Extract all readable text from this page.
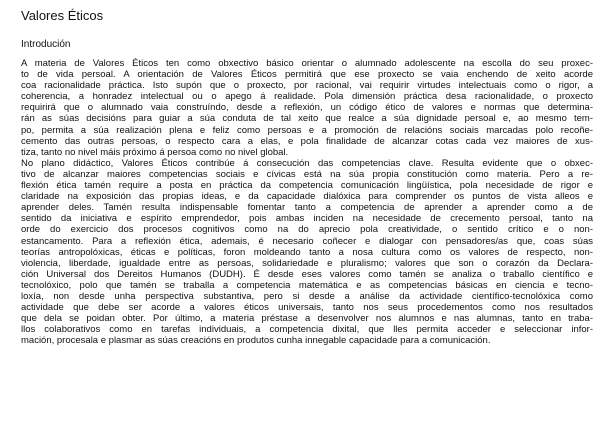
Valores Éticos
Introdución
A materia de Valores Éticos ten como obxectivo básico orientar o alumnado adolescente na escolla do seu proxec-
to de vida persoal. A orientación de Valores Éticos permitirá que ese proxecto se vaia enchendo de xeito acorde
coa racionalidade práctica. Isto supón que o proxecto, por racional, vai requirir virtudes intelectuais como o rigor, a
coherencia, a honradez intelectual ou o apego á realidade. Pola dimensión práctica desa racionalidade, o proxecto
requirirá que o alumnado vaia construíndo, desde a reflexión, un código ético de valores e normas que determina-
rán as súas decisións para guiar a súa conduta de tal xeito que realce a súa dignidade persoal e, ao mesmo tem-
po, permita a súa realización plena e feliz como persoas e a promoción de relacións sociais marcadas polo recoñe-
cemento das outras persoas, o respecto cara a elas, e pola finalidade de alcanzar cotas cada vez maiores de xus-
tiza, tanto no nivel máis próximo á persoa como no nivel global.
No plano didáctico, Valores Éticos contribúe á consecución das competencias clave. Resulta evidente que o obxec-
tivo de alcanzar maiores competencias sociais e cívicas está na súa propia constitución como materia. Pero a re-
flexión ética tamén require a posta en práctica da competencia comunicación lingüística, pola necesidade de rigor e
claridade na exposición das propias ideas, e da capacidade dialóxica para comprender os puntos de vista alleos e
aprender deles. Tamén resulta indispensable fomentar tanto a competencia de aprender a aprender como a de
sentido da iniciativa e espírito emprendedor, pois ambas inciden na necesidade de crecemento persoal, tanto na
orde do exercicio dos procesos cognitivos como na do aprecio pola creatividade, o sentido crítico e o non-
estancamento. Para a reflexión ética, ademais, é necesario coñecer e dialogar con pensadores/as que, coas súas
teorías antropolóxicas, éticas e políticas, foron moldeando tanto a nosa cultura como os valores de respecto, non-
violencia, liberdade, igualdade entre as persoas, solidariedade e pluralismo; valores que son o corazón da Declara-
ción Universal dos Dereitos Humanos (DUDH). É desde eses valores como tamén se analiza o traballo científico e
tecnolóxico, polo que tamén se traballa a competencia matemática e as competencias básicas en ciencia e tecno-
loxía, non desde unha perspectiva substantiva, pero si desde a análise da actividade científico-tecnolóxica como
actividade que debe ser acorde a valores éticos universais, tanto nos seus procedementos como nos resultados
que dela se poidan obter. Por último, a materia préstase a desenvolver nos alumnos e nas alumnas, tanto en traba-
llos colaborativos como en tarefas individuais, a competencia dixital, que lles permita acceder e seleccionar infor-
mación, procesala e plasmar as súas creacións en produtos cunha innegable capacidade para a comunicación.
